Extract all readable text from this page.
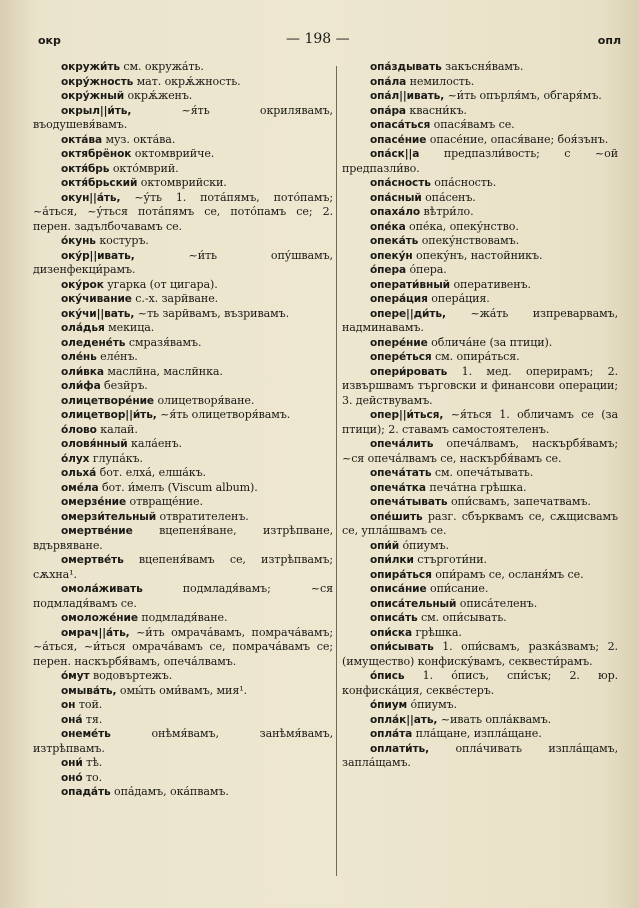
окр	— 198 —	опл

окружи́ть см. окружа́ть.

окру́жность мат. окрѫ́жность.

окру́жный окрѫ́женъ.

окрыл||и́ть, ~я́ть окрилявамъ, въодушевя́вамъ.

окта́ва муз. окта́ва.

октябрёнок октомврийче.

октя́брь окто́мврий.

октя́брьский октомврийски.

окун||а́ть, ~у́ть 1. пота́пямъ, пото́памъ; ~а́ться, ~у́ться пота́пямъ се, пото́памъ се; 2. перен. задълбочавамъ се.

о́кунь костуръ.

оку́р||ивать, ~и́ть опу́швамъ, дизенфекци́рамъ.

оку́рок угарка (от цигара).

оку́чивание с.-х. зарйване.

оку́чи||вать, ~ть зарйвамъ, възривамъ.

ола́дья мекица.

оледене́ть смразя́вамъ.

оле́нь еле́нъ.

оли́вка маслйна, маслйнка.

оли́фа безйръ.

олицетворе́ние олицетворя́ване.

олицетвор||и́ть, ~я́ть олицетворя́вамъ.

о́лово калай.

оловя́нный кала́енъ.

о́лух глупа́къ.

ольха́ бот. елха́, елша́къ.

оме́ла бот. и́мелъ (Viscum album).

омерзе́ние отвраще́ние.

омерзи́тельный отвратителенъ.

омертве́ние вцепеня́ване, изтрѣпване, вдървяване.

омертве́ть вцепеня́вамъ се, изтрѣпвамъ; сѫхна¹.

омола́живать подмладя́вамъ; ~ся подмладя́вамъ се.

омоложе́ние подмладя́ване.

омрач||а́ть, ~и́ть омрача́вамъ, помрача́вамъ; ~а́ться, ~и́ться омрача́вамъ се, помрача́вамъ се; перен. наскърбя́вамъ, опеча́лвамъ.

о́мут водовъртежъ.

омыва́ть, омы́ть оми́вамъ, мия¹.

он той.

она́ тя.

онеме́ть онѣмя́вамъ, занѣмя́вамъ, изтрѣпвамъ.

они́ тѣ.

оно́ то.

опада́ть опа́дамъ, ока́пвамъ.

опа́здывать закъсня́вамъ.

опа́ла немилость.

опа́л||ивать, ~и́ть опърля́мъ, обгаря́мъ.

опа́ра квасни́къ.

опаса́ться опася́вамъ се.

опасе́ние опасе́ние, опася́ване; боя́зънъ.

опа́ск||а предпазли́вость; с ~ой предпазли́во.

опа́сность опа́сность.

опа́сный опа́сенъ.

опаха́ло вѣтри́ло.

опе́ка опе́ка, опеку́нство.

опека́ть опеку́нствовамъ.

опеку́н опеку́нъ, настойникъ.

о́пера о́пера.

операти́вный оперативенъ.

опера́ция опера́ция.

опере||ди́ть, ~жа́ть изпреварвамъ, надминавамъ.

опере́ние облича́не (за птици).

опере́ться см. опира́ться.

опери́ровать 1. мед. оперирамъ; 2. извършвамъ търговски и финансови операции; 3. действувамъ.

опер||и́ться, ~я́ться 1. обличамъ се (за птици); 2. ставамъ самостоятеленъ.

опеча́лить опеча́лвамъ, наскърбя́вамъ; ~ся опеча́лвамъ се, наскърбя́вамъ се.

опеча́тать см. опеча́тывать.

опеча́тка печа́тна грѣшка.

опеча́тывать опи́свамъ, запечатвамъ.

опе́шить разг. сбърквамъ се, сѫщисвамъ се, упла́швамъ се.

опи́й о́пиумъ.

опи́лки стърготи́ни.

опира́ться опи́рамъ се, осланя́мъ се.

описа́ние опи́сание.

описа́тельный описа́теленъ.

описа́ть см. опи́сывать.

опи́ска грѣшка.

опи́сывать 1. опи́свамъ, разка́звамъ; 2. (имущество) конфиску́вамъ, секвести́рамъ.

о́пись 1. о́писъ, спи́сък; 2. юр. конфиска́ция, секве́стеръ.

о́пиум о́пиумъ.

опла́к||ать, ~ивать опла́квамъ.

опла́та пла́щане, изпла́щане.

оплати́ть, опла́чивать изпла́щамъ, запла́щамъ.
